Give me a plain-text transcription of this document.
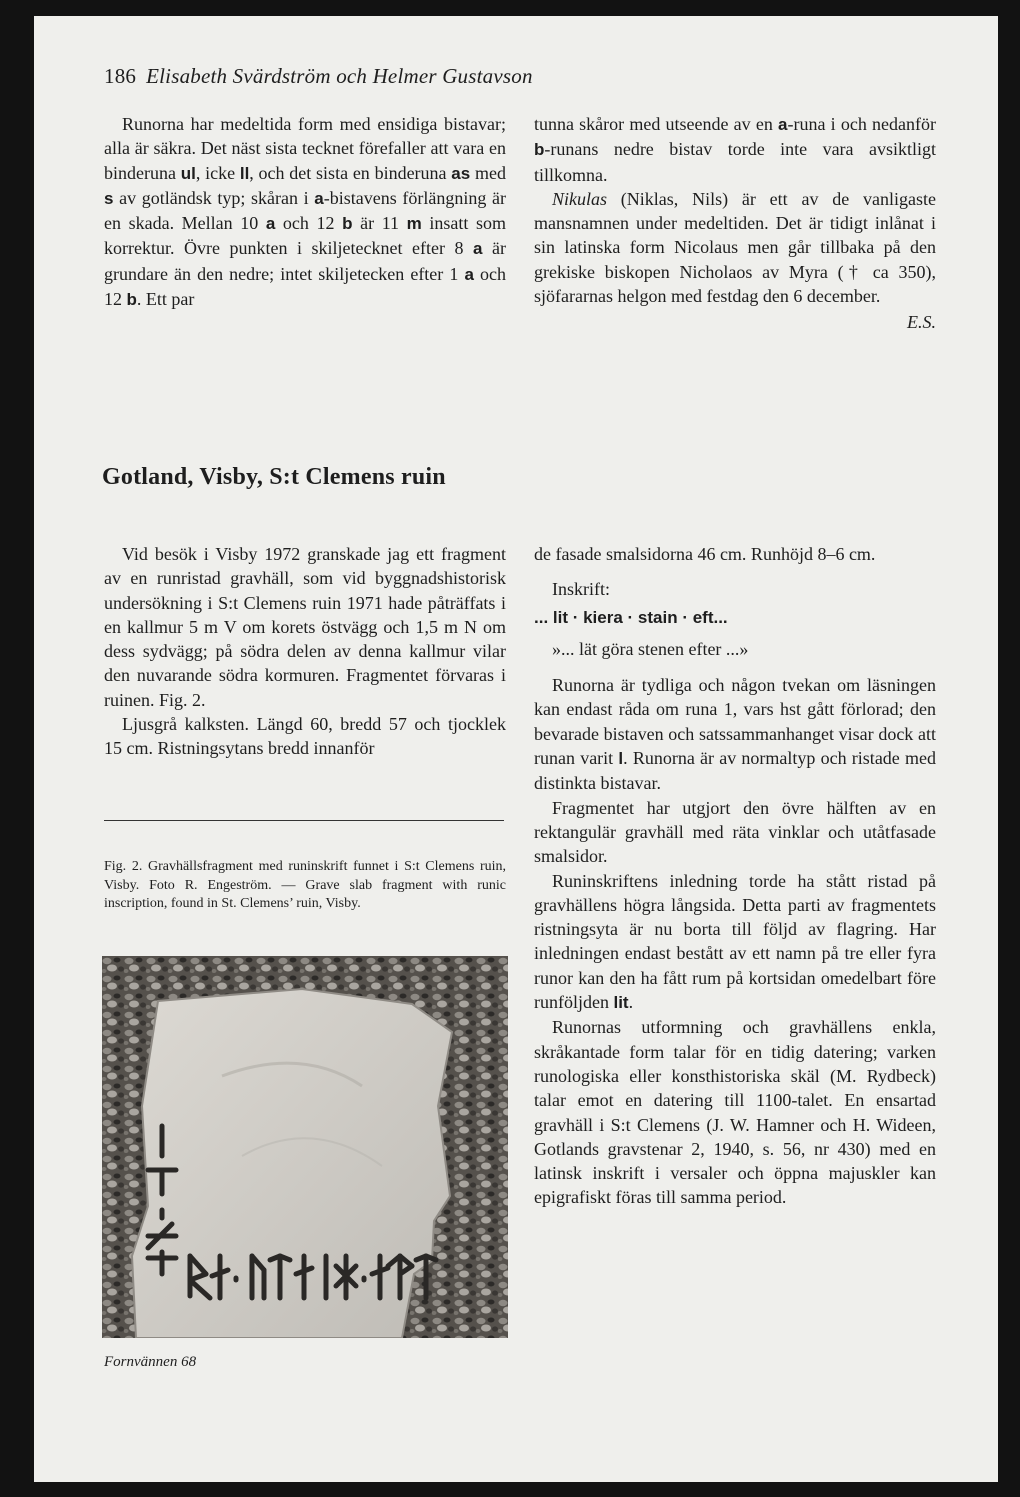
186 Elisabeth Svärdström och Helmer Gustavson

Runorna har medeltida form med ensidiga bistavar; alla är säkra. Det näst sista tecknet förefaller att vara en binderuna ul, icke ll, och det sista en binderuna as med s av gotländsk typ; skåran i a-bistavens förlängning är en skada. Mellan 10 a och 12 b är 11 m insatt som korrektur. Övre punkten i skiljetecknet efter 8 a är grundare än den nedre; intet skiljetecken efter 1 a och 12 b. Ett par

tunna skåror med utseende av en a-runa i och nedanför b-runans nedre bistav torde inte vara avsiktligt tillkomna.

Nikulas (Niklas, Nils) är ett av de vanligaste mansnamnen under medeltiden. Det är tidigt inlånat i sin latinska form Nicolaus men går tillbaka på den grekiske biskopen Nicholaos av Myra († ca 350), sjöfararnas helgon med festdag den 6 december.

E.S.

Gotland, Visby, S:t Clemens ruin

Vid besök i Visby 1972 granskade jag ett fragment av en runristad gravhäll, som vid byggnadshistorisk undersökning i S:t Clemens ruin 1971 hade påträffats i en kallmur 5 m V om korets östvägg och 1,5 m N om dess sydvägg; på södra delen av denna kallmur vilar den nuvarande södra kormuren. Fragmentet förvaras i ruinen. Fig. 2.

Ljusgrå kalksten. Längd 60, bredd 57 och tjocklek 15 cm. Ristningsytans bredd innanför

Fig. 2. Gravhällsfragment med runinskrift funnet i S:t Clemens ruin, Visby. Foto R. Engeström. — Grave slab fragment with runic inscription, found in St. Clemens’ ruin, Visby.

de fasade smalsidorna 46 cm. Runhöjd 8–6 cm.

Inskrift:

... lit · kiera · stain · eft...

»... lät göra stenen efter ...»

Runorna är tydliga och någon tvekan om läsningen kan endast råda om runa 1, vars hst gått förlorad; den bevarade bistaven och satssammanhanget visar dock att runan varit l. Runorna är av normaltyp och ristade med distinkta bistavar.

Fragmentet har utgjort den övre hälften av en rektangulär gravhäll med räta vinklar och utåtfasade smalsidor.

Runinskriftens inledning torde ha stått ristad på gravhällens högra långsida. Detta parti av fragmentets ristningsyta är nu borta till följd av flagring. Har inledningen endast bestått av ett namn på tre eller fyra runor kan den ha fått rum på kortsidan omedelbart före runföljden lit.

Runornas utformning och gravhällens enkla, skråkantade form talar för en tidig datering; varken runologiska eller konsthistoriska skäl (M. Rydbeck) talar emot en datering till 1100-talet. En ensartad gravhäll i S:t Clemens (J. W. Hamner och H. Wideen, Gotlands gravstenar 2, 1940, s. 56, nr 430) med en latinsk inskrift i versaler och öppna majuskler kan epigrafiskt föras till samma period.

Fornvännen 68
